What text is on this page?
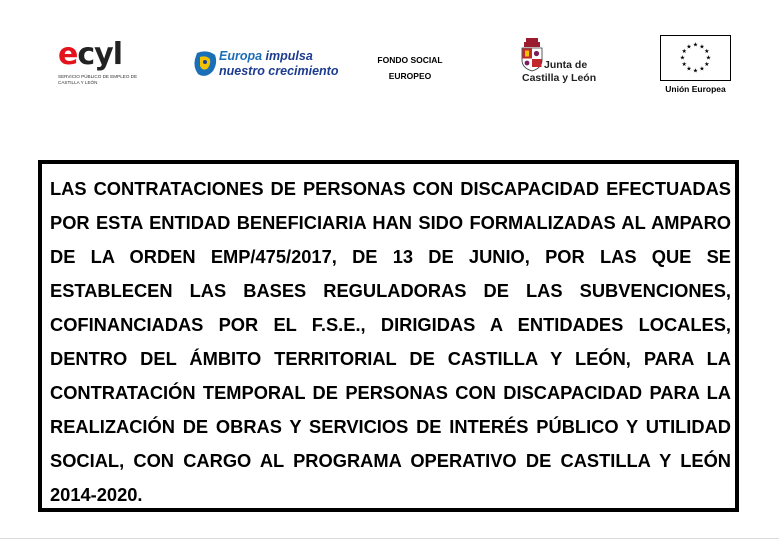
ecyl
SERVICIO PÚBLICO DE EMPLEO DE CASTILLA Y LEÓN
Europa impulsa
nuestro crecimiento
FONDO SOCIAL
EUROPEO
Junta de
Castilla y León
★ ★
★
★
★
★
★
★
★
★
★
★
Unión Europea

LAS CONTRATACIONES DE PERSONAS CON DISCAPACIDAD EFECTUADAS POR ESTA ENTIDAD BENEFICIARIA HAN SIDO FORMALIZADAS AL AMPARO DE LA ORDEN EMP/475/2017, DE 13 DE JUNIO, POR LAS QUE SE ESTABLECEN LAS BASES REGULADORAS DE LAS SUBVENCIONES, COFINANCIADAS POR EL F.S.E., DIRIGIDAS A ENTIDADES LOCALES, DENTRO DEL ÁMBITO TERRITORIAL DE CASTILLA Y LEÓN, PARA LA CONTRATACIÓN TEMPORAL DE PERSONAS CON DISCAPACIDAD PARA LA REALIZACIÓN DE OBRAS Y SERVICIOS DE INTERÉS PÚBLICO Y UTILIDAD SOCIAL, CON CARGO AL PROGRAMA OPERATIVO DE CASTILLA Y LEÓN 2014-2020.
